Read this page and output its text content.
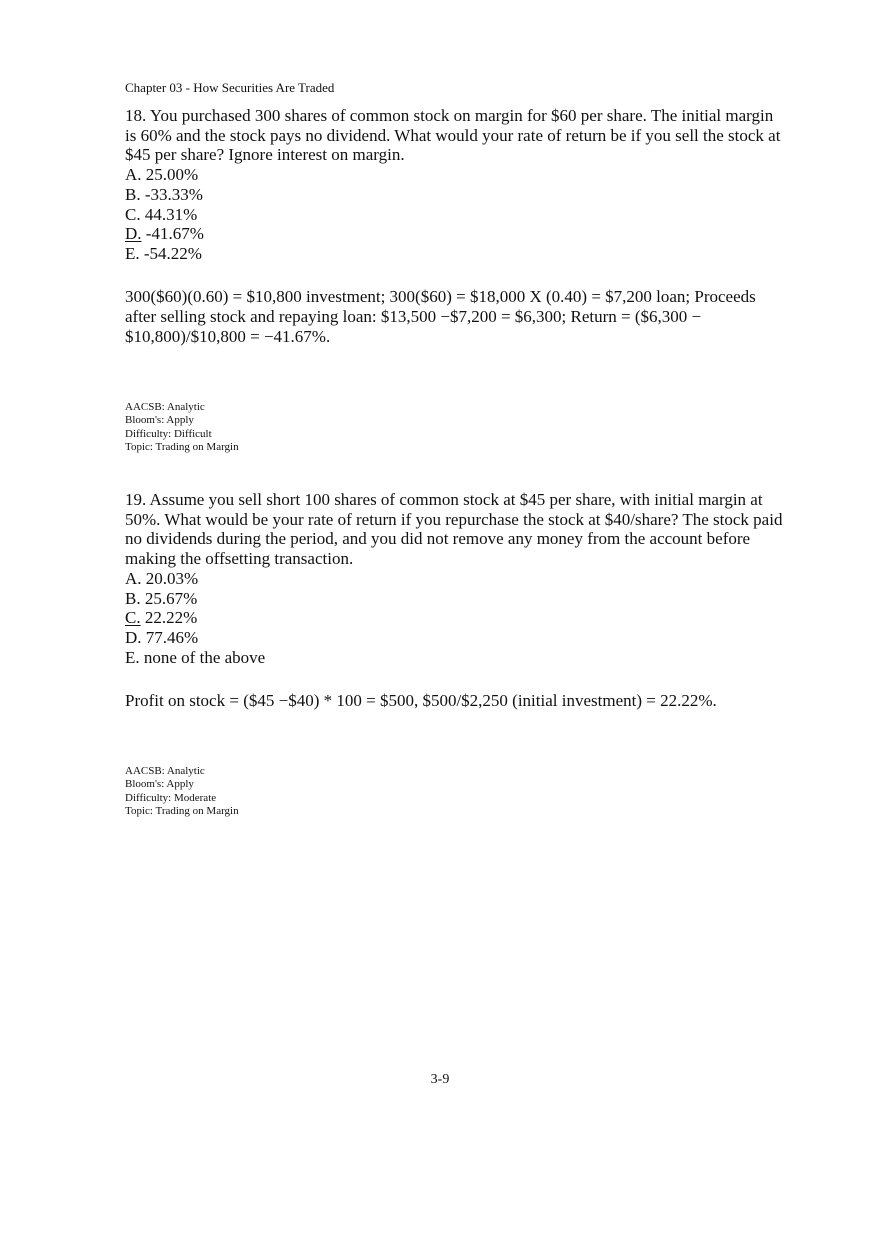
Chapter 03 - How Securities Are Traded

18. You purchased 300 shares of common stock on margin for $60 per share. The initial margin is 60% and the stock pays no dividend. What would your rate of return be if you sell the stock at $45 per share? Ignore interest on margin.

A. 25.00%
B. -33.33%
C. 44.31%
D. -41.67%
E. -54.22%

300($60)(0.60) = $10,800 investment; 300($60) = $18,000 X (0.40) = $7,200 loan; Proceeds after selling stock and repaying loan: $13,500 −$7,200 = $6,300; Return = ($6,300 − $10,800)/$10,800 = −41.67%.

AACSB: Analytic
Bloom's: Apply
Difficulty: Difficult
Topic: Trading on Margin

19. Assume you sell short 100 shares of common stock at $45 per share, with initial margin at 50%. What would be your rate of return if you repurchase the stock at $40/share? The stock paid no dividends during the period, and you did not remove any money from the account before making the offsetting transaction.

A. 20.03%
B. 25.67%
C. 22.22%
D. 77.46%
E. none of the above

Profit on stock = ($45 −$40) * 100 = $500, $500/$2,250 (initial investment) = 22.22%.

AACSB: Analytic
Bloom's: Apply
Difficulty: Moderate
Topic: Trading on Margin
3-9
